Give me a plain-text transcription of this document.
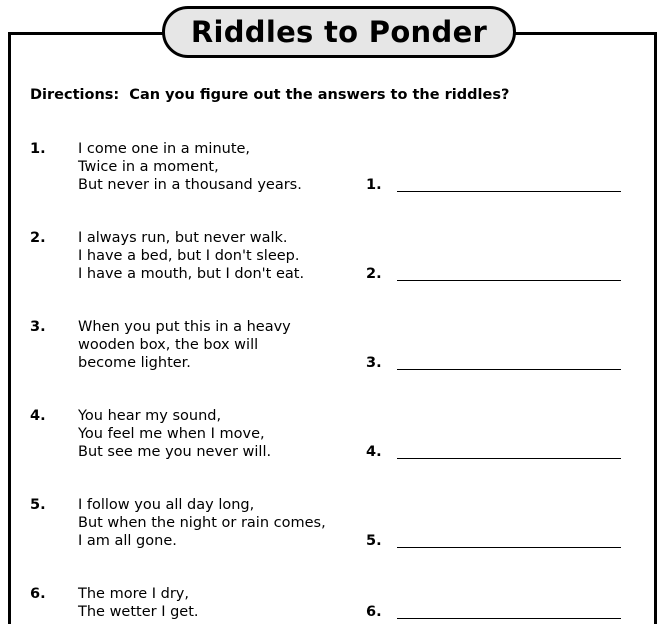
Riddles to Ponder
Directions:  Can you figure out the answers to the riddles?
1. I come one in a minute,
Twice in a moment,
But never in a thousand years.	1.
2. I always run, but never walk.
I have a bed, but I don't sleep.
I have a mouth, but I don't eat.	2.
3. When you put this in a heavy
wooden box, the box will
become lighter.	3.
4. You hear my sound,
You feel me when I move,
But see me you never will.	4.
5. I follow you all day long,
But when the night or rain comes,
I am all gone.	5.
6. The more I dry,
The wetter I get.	6.
